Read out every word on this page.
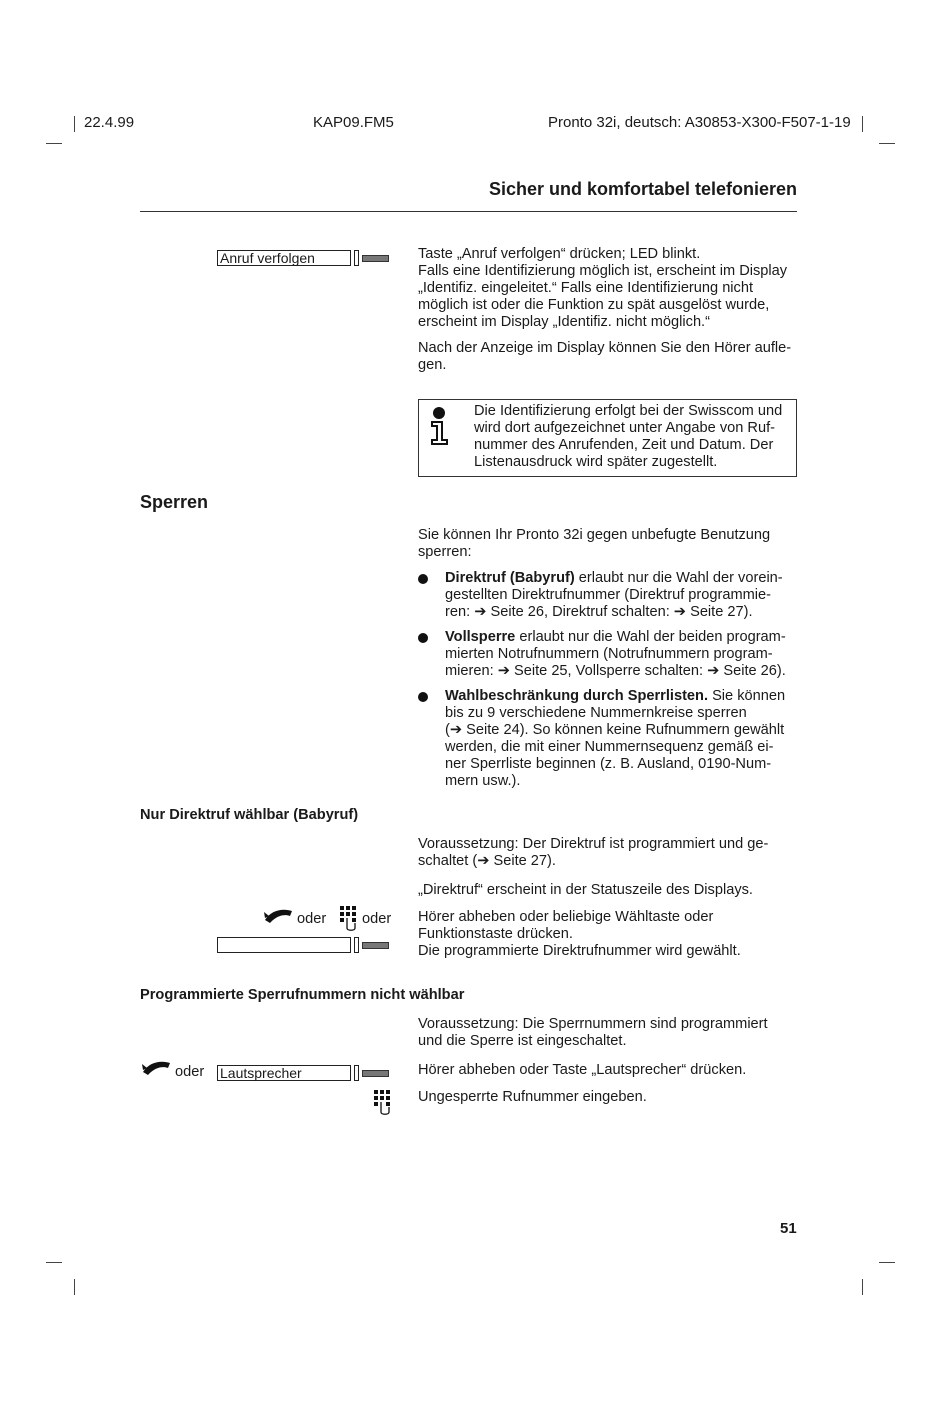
22.4.99	KAP09.FM5	Pronto 32i, deutsch: A30853-X300-F507-1-19
Sicher und komfortabel telefonieren
Anruf verfolgen	Taste „Anruf verfolgen“ drücken; LED blinkt.
Falls eine Identifizierung möglich ist, erscheint im Display
„Identifiz. eingeleitet.“ Falls eine Identifizierung nicht
möglich ist oder die Funktion zu spät ausgelöst wurde,
erscheint im Display „Identifiz. nicht möglich.“
Nach der Anzeige im Display können Sie den Hörer aufle-
gen.
Die Identifizierung erfolgt bei der Swisscom und
wird dort aufgezeichnet unter Angabe von Ruf-
nummer des Anrufenden, Zeit und Datum. Der
Listenausdruck wird später zugestellt.
Sperren
Sie können Ihr Pronto 32i gegen unbefugte Benutzung
sperren:
Direktruf (Babyruf) erlaubt nur die Wahl der vorein-
gestellten Direktrufnummer (Direktruf programmie-
ren: ➔ Seite 26, Direktruf schalten: ➔ Seite 27).
Vollsperre erlaubt nur die Wahl der beiden program-
mierten Notrufnummern (Notrufnummern program-
mieren: ➔ Seite 25, Vollsperre schalten: ➔ Seite 26).
Wahlbeschränkung durch Sperrlisten. Sie können
bis zu 9 verschiedene Nummernkreise sperren
(➔ Seite 24). So können keine Rufnummern gewählt
werden, die mit einer Nummernsequenz gemäß ei-
ner Sperrliste beginnen (z. B. Ausland, 0190-Num-
mern usw.).
Nur Direktruf wählbar (Babyruf)
Voraussetzung: Der Direktruf ist programmiert und ge-
schaltet (➔ Seite 27).
„Direktruf“ erscheint in der Statuszeile des Displays.
oder oder Hörer abheben oder beliebige Wähltaste oder
Funktionstaste drücken.
Die programmierte Direktrufnummer wird gewählt.
Programmierte Sperrufnummern nicht wählbar
Voraussetzung: Die Sperrnummern sind programmiert
und die Sperre ist eingeschaltet.
oder Lautsprecher	Hörer abheben oder Taste „Lautsprecher“ drücken.
Ungesperrte Rufnummer eingeben.
51
